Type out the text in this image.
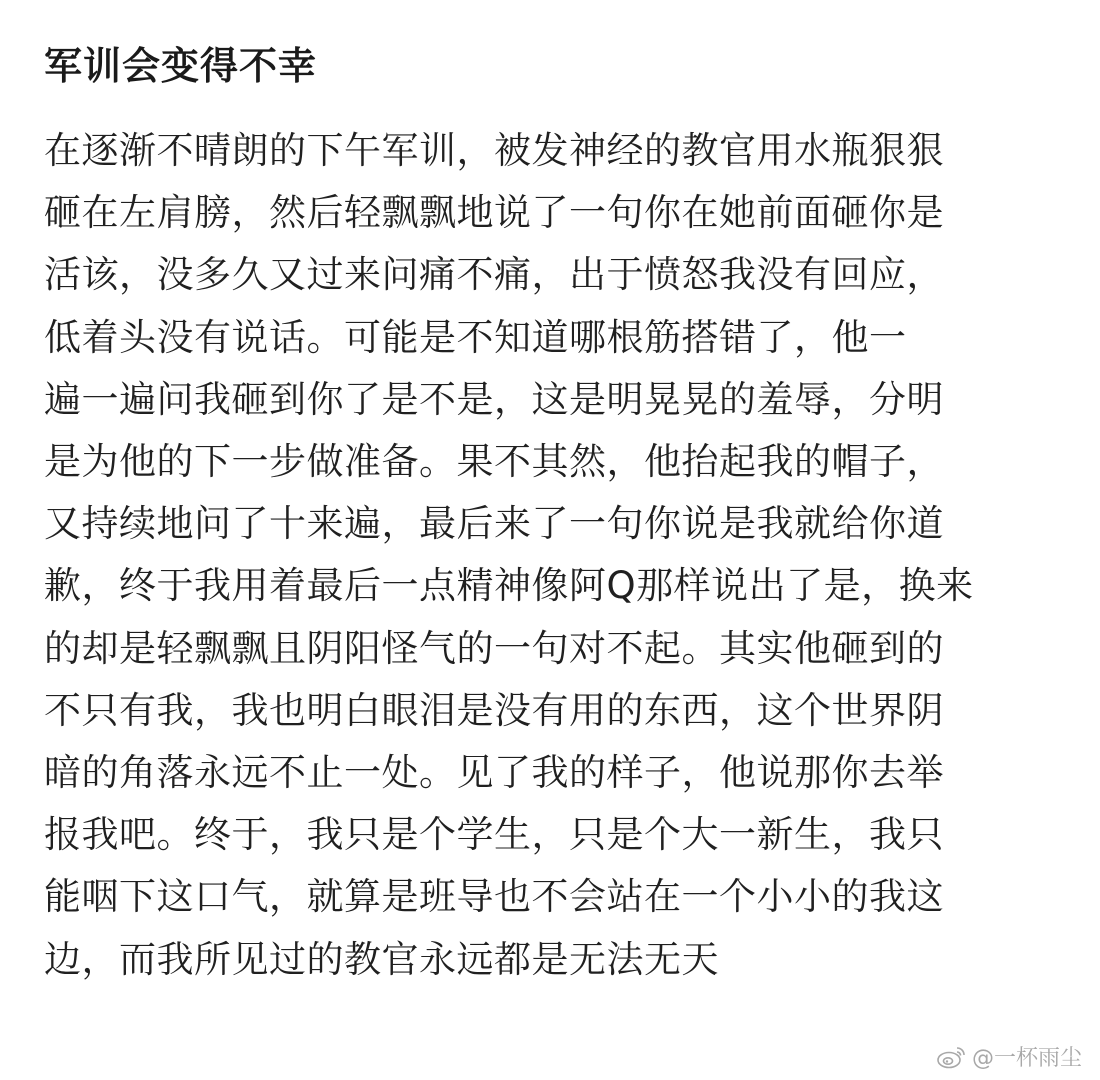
军训会变得不幸
在逐渐不晴朗的下午军训，被发神经的教官用水瓶狠狠
砸在左肩膀，然后轻飘飘地说了一句你在她前面砸你是
活该，没多久又过来问痛不痛，出于愤怒我没有回应，
低着头没有说话。可能是不知道哪根筋搭错了，他一
遍一遍问我砸到你了是不是，这是明晃晃的羞辱，分明
是为他的下一步做准备。果不其然，他抬起我的帽子，
又持续地问了十来遍，最后来了一句你说是我就给你道
歉，终于我用着最后一点精神像阿Q那样说出了是，换来
的却是轻飘飘且阴阳怪气的一句对不起。其实他砸到的
不只有我，我也明白眼泪是没有用的东西，这个世界阴
暗的角落永远不止一处。见了我的样子，他说那你去举
报我吧。终于，我只是个学生，只是个大一新生，我只
能咽下这口气，就算是班导也不会站在一个小小的我这
边，而我所见过的教官永远都是无法无天
@一杯雨尘
